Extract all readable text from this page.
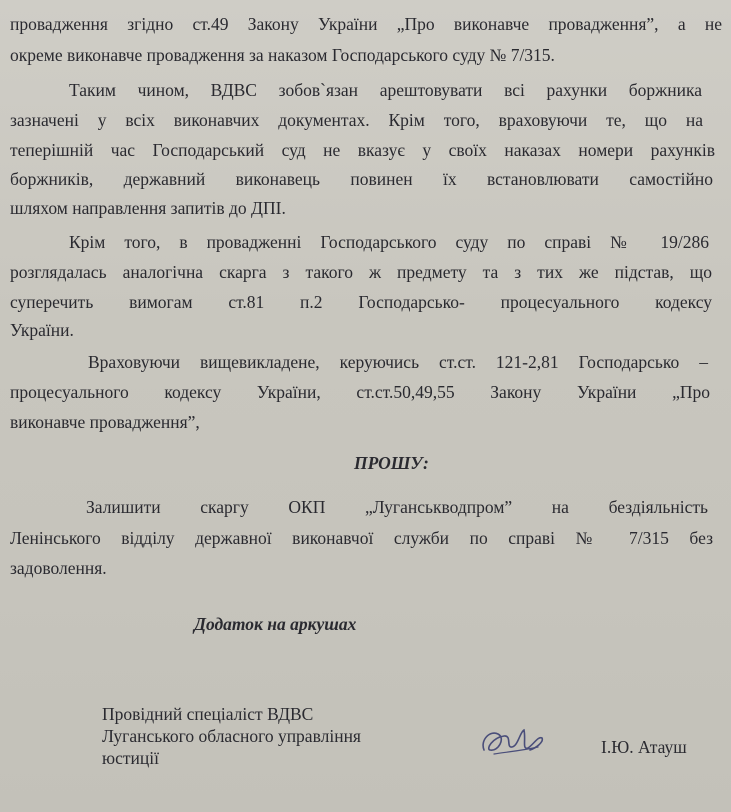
провадження згідно ст.49 Закону України „Про виконавче провадження”, а не
окреме виконавче провадження за наказом Господарського суду № 7/315.
Таким чином, ВДВС зобов`язан арештовувати всі рахунки боржника
зазначені у всіх виконавчих документах. Крім того, враховуючи те, що на
теперішній час Господарський суд не вказує у своїх наказах номери рахунків
боржників, державний виконавець повинен їх встановлювати самостійно
шляхом направлення запитів до ДПІ.
Крім того, в провадженні Господарського суду по справі № 19/286
розглядалась аналогічна скарга з такого ж предмету та з тих же підстав, що
суперечить вимогам ст.81 п.2 Господарсько- процесуального кодексу
України.
Враховуючи вищевикладене, керуючись ст.ст. 121-2,81 Господарсько –
процесуального кодексу України, ст.ст.50,49,55 Закону України „Про
виконавче провадження”,
ПРОШУ:
Залишити скаргу ОКП „Луганськводпром” на бездіяльність
Ленінського відділу державної виконавчої служби по справі № 7/315 без
задоволення.
Додаток на аркушах
Провідний спеціаліст ВДВС
Луганського обласного управління
юстиції
І.Ю. Атауш
